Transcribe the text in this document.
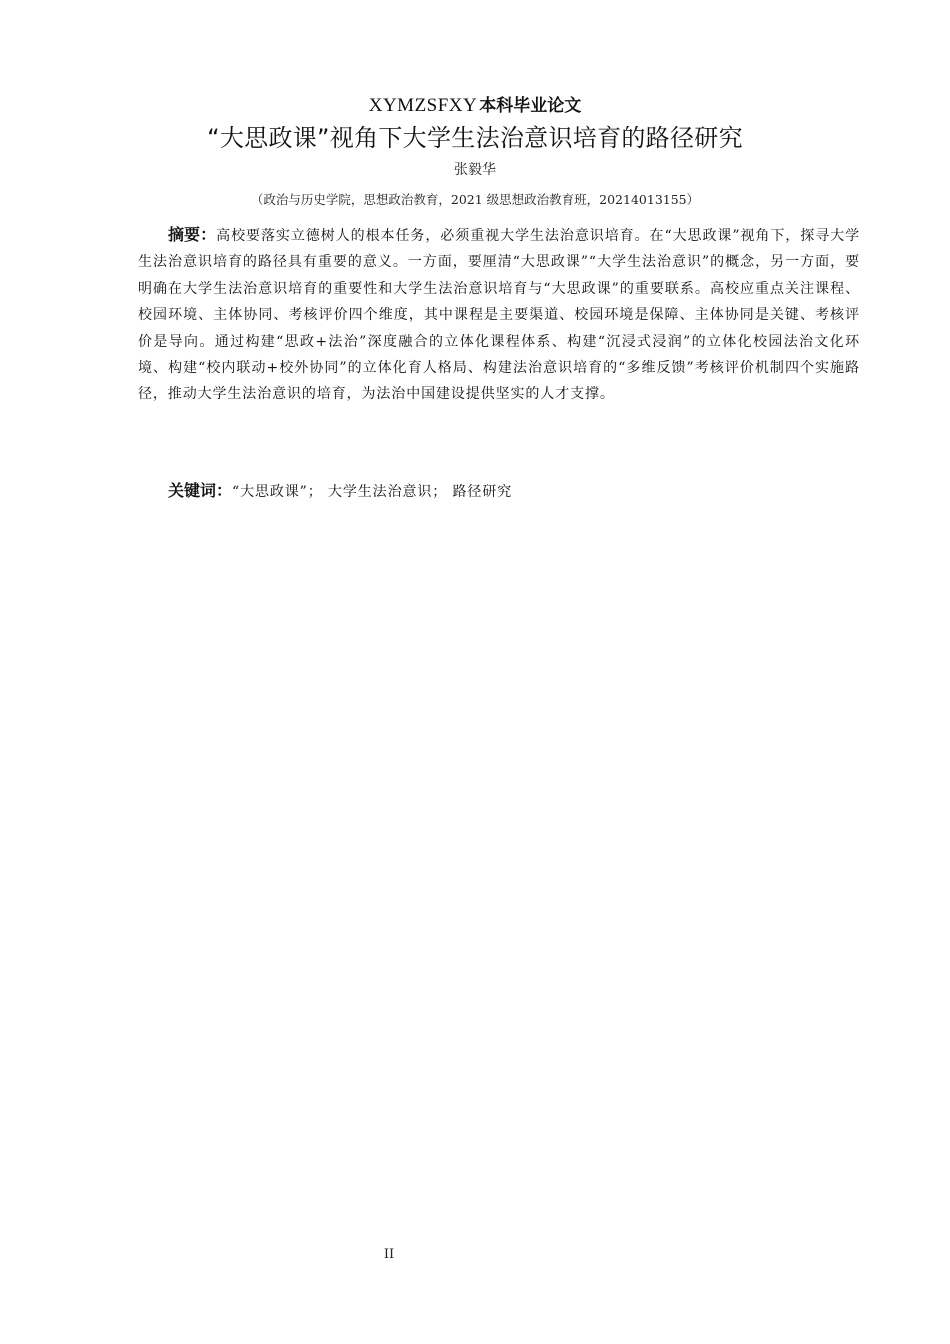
XYMZSFXY 本科毕业论文
“大思政课”视角下大学生法治意识培育的路径研究
张毅华
（政治与历史学院，思想政治教育，2021 级思想政治教育班，20214013155）

摘要：高校要落实立德树人的根本任务，必须重视大学生法治意识培育。在“大思政课”视角下，探寻大学生法治意识培育的路径具有重要的意义。一方面，要厘清“大思政课”“大学生法治意识”的概念，另一方面，要明确在大学生法治意识培育的重要性和大学生法治意识培育与“大思政课”的重要联系。高校应重点关注课程、校园环境、主体协同、考核评价四个维度，其中课程是主要渠道、校园环境是保障、主体协同是关键、考核评价是导向。通过构建“思政+法治”深度融合的立体化课程体系、构建“沉浸式浸润”的立体化校园法治文化环境、构建“校内联动+校外协同”的立体化育人格局、构建法治意识培育的“多维反馈”考核评价机制四个实施路径，推动大学生法治意识的培育，为法治中国建设提供坚实的人才支撑。

关键词：“大思政课”； 大学生法治意识； 路径研究

II
